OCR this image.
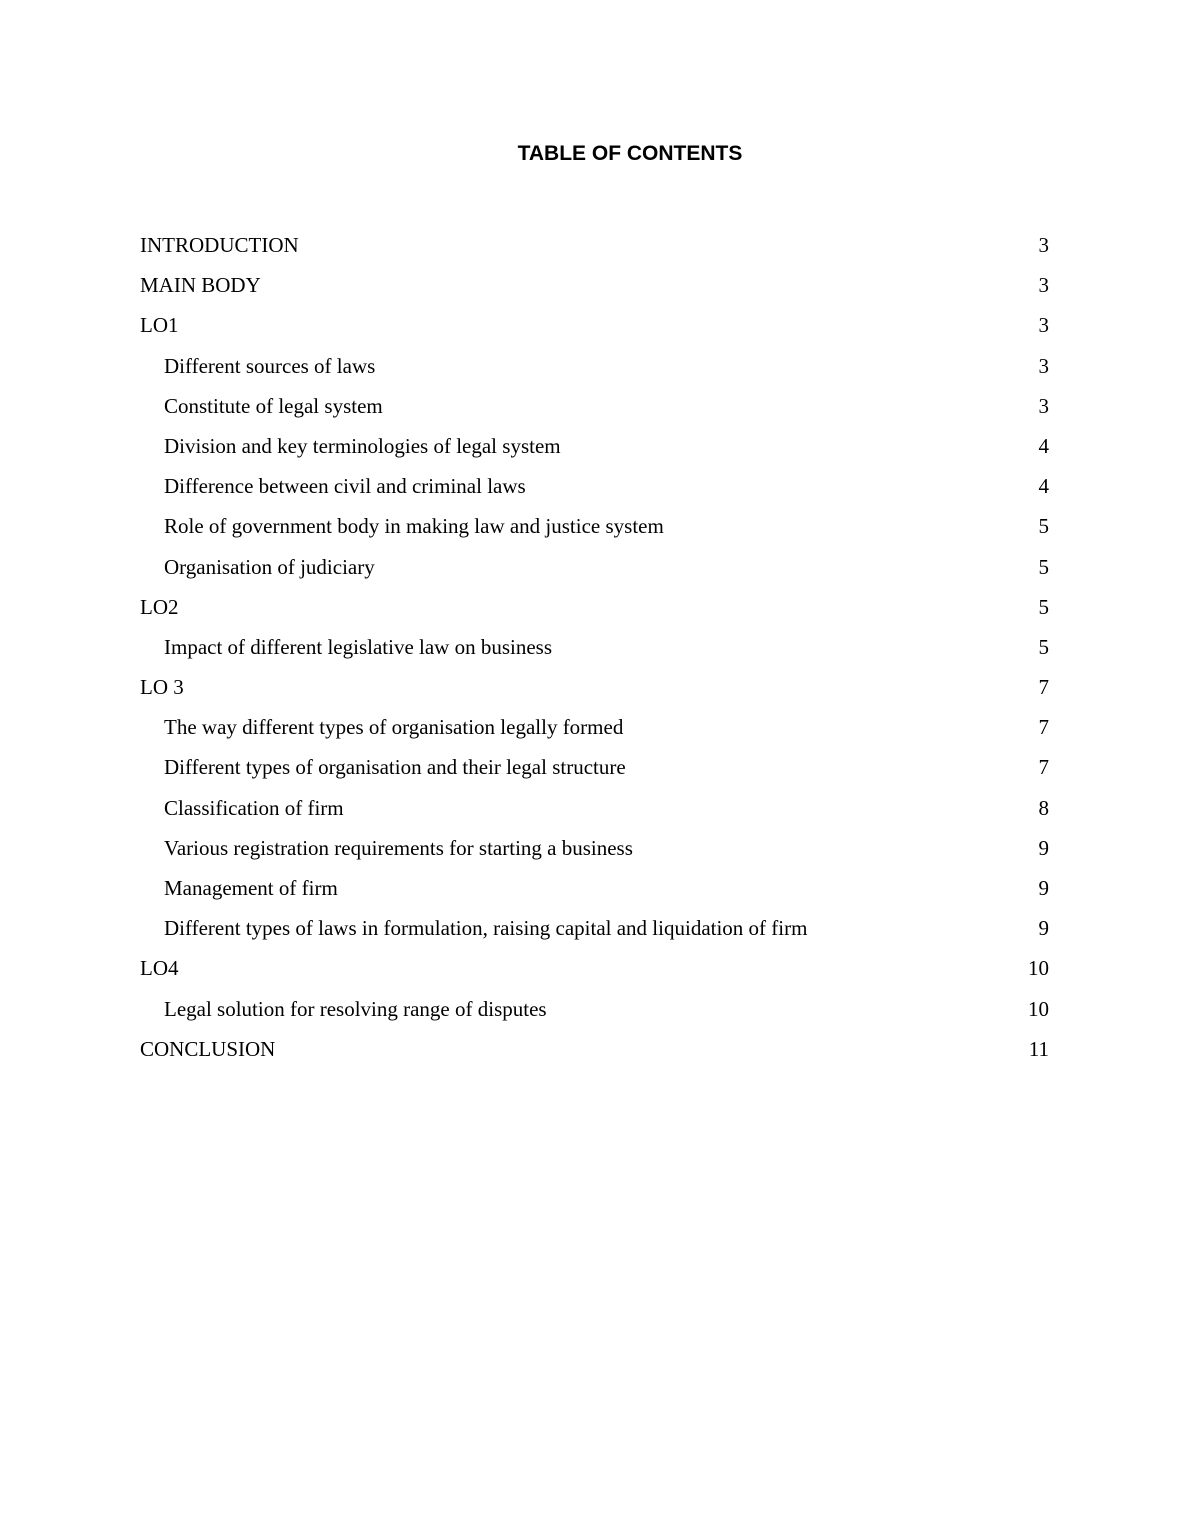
TABLE OF CONTENTS
INTRODUCTION	3
MAIN BODY	3
LO1	3
Different sources of laws	3
Constitute of legal system	3
Division and key terminologies of legal system	4
Difference between civil and criminal laws	4
Role of government body in making law and justice system	5
Organisation of judiciary	5
LO2	5
Impact of different legislative law on business	5
LO 3	7
The way different types of organisation legally formed	7
Different types of organisation and their legal structure	7
Classification of firm	8
Various registration requirements for starting a business	9
Management of firm	9
Different types of laws in formulation, raising capital and liquidation of firm	9
LO4	10
Legal solution for resolving range of disputes	10
CONCLUSION	11
